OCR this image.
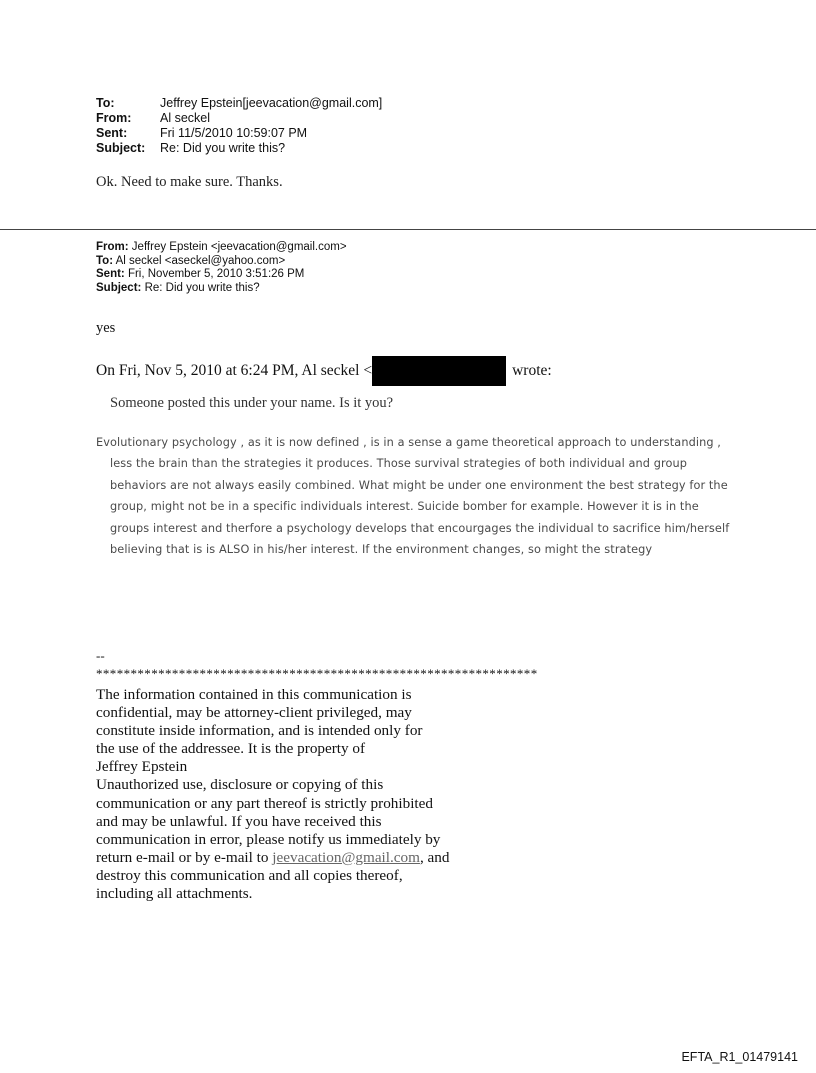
To:	Jeffrey Epstein[jeevacation@gmail.com]
From:	Al seckel
Sent:	Fri 11/5/2010 10:59:07 PM
Subject:	Re: Did you write this?
Ok. Need to make sure. Thanks.
From: Jeffrey Epstein <jeevacation@gmail.com>
To: Al seckel <aseckel@yahoo.com>
Sent: Fri, November 5, 2010 3:51:26 PM
Subject: Re: Did you write this?
yes
On Fri, Nov 5, 2010 at 6:24 PM, Al seckel <	wrote:
Someone posted this under your name. Is it you?
Evolutionary psychology , as it is now defined , is in a sense a game theoretical approach to understanding , less the brain than the strategies it produces. Those survival strategies of both individual and group behaviors are not always easily combined. What might be under one environment the best strategy for the group, might not be in a specific individuals interest. Suicide bomber for example. However it is in the groups interest and therfore a psychology develops that encourgages the individual to sacrifice him/herself believing that is is ALSO in his/her interest. If the environment changes, so might the strategy
--
****************************************************************
The information contained in this communication is
confidential, may be attorney-client privileged, may
constitute inside information, and is intended only for
the use of the addressee. It is the property of
Jeffrey Epstein
Unauthorized use, disclosure or copying of this
communication or any part thereof is strictly prohibited
and may be unlawful. If you have received this
communication in error, please notify us immediately by
return e-mail or by e-mail to jeevacation@gmail.com, and
destroy this communication and all copies thereof,
including all attachments.
EFTA_R1_01479141
